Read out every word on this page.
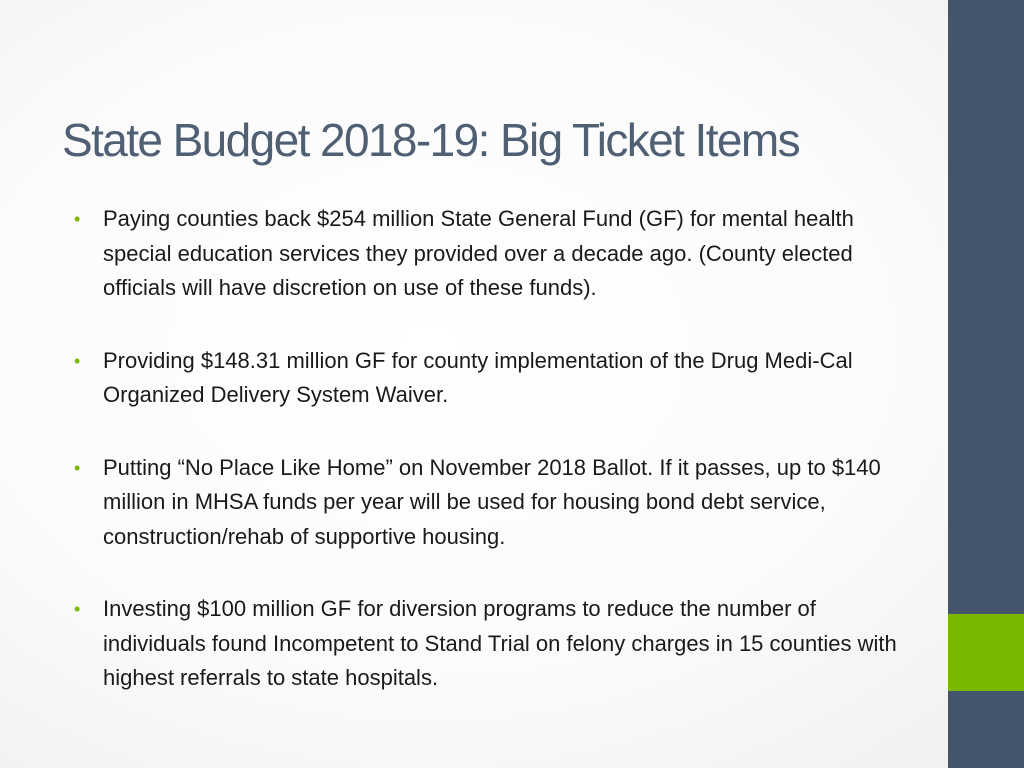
State Budget 2018-19: Big Ticket Items
• Paying counties back $254 million State General Fund (GF) for mental health special education services they provided over a decade ago. (County elected officials will have discretion on use of these funds).
• Providing $148.31 million GF for county implementation of the Drug Medi-Cal Organized Delivery System Waiver.
• Putting “No Place Like Home” on November 2018 Ballot. If it passes, up to $140 million in MHSA funds per year will be used for housing bond debt service, construction/rehab of supportive housing.
• Investing $100 million GF for diversion programs to reduce the number of individuals found Incompetent to Stand Trial on felony charges in 15 counties with highest referrals to state hospitals.
